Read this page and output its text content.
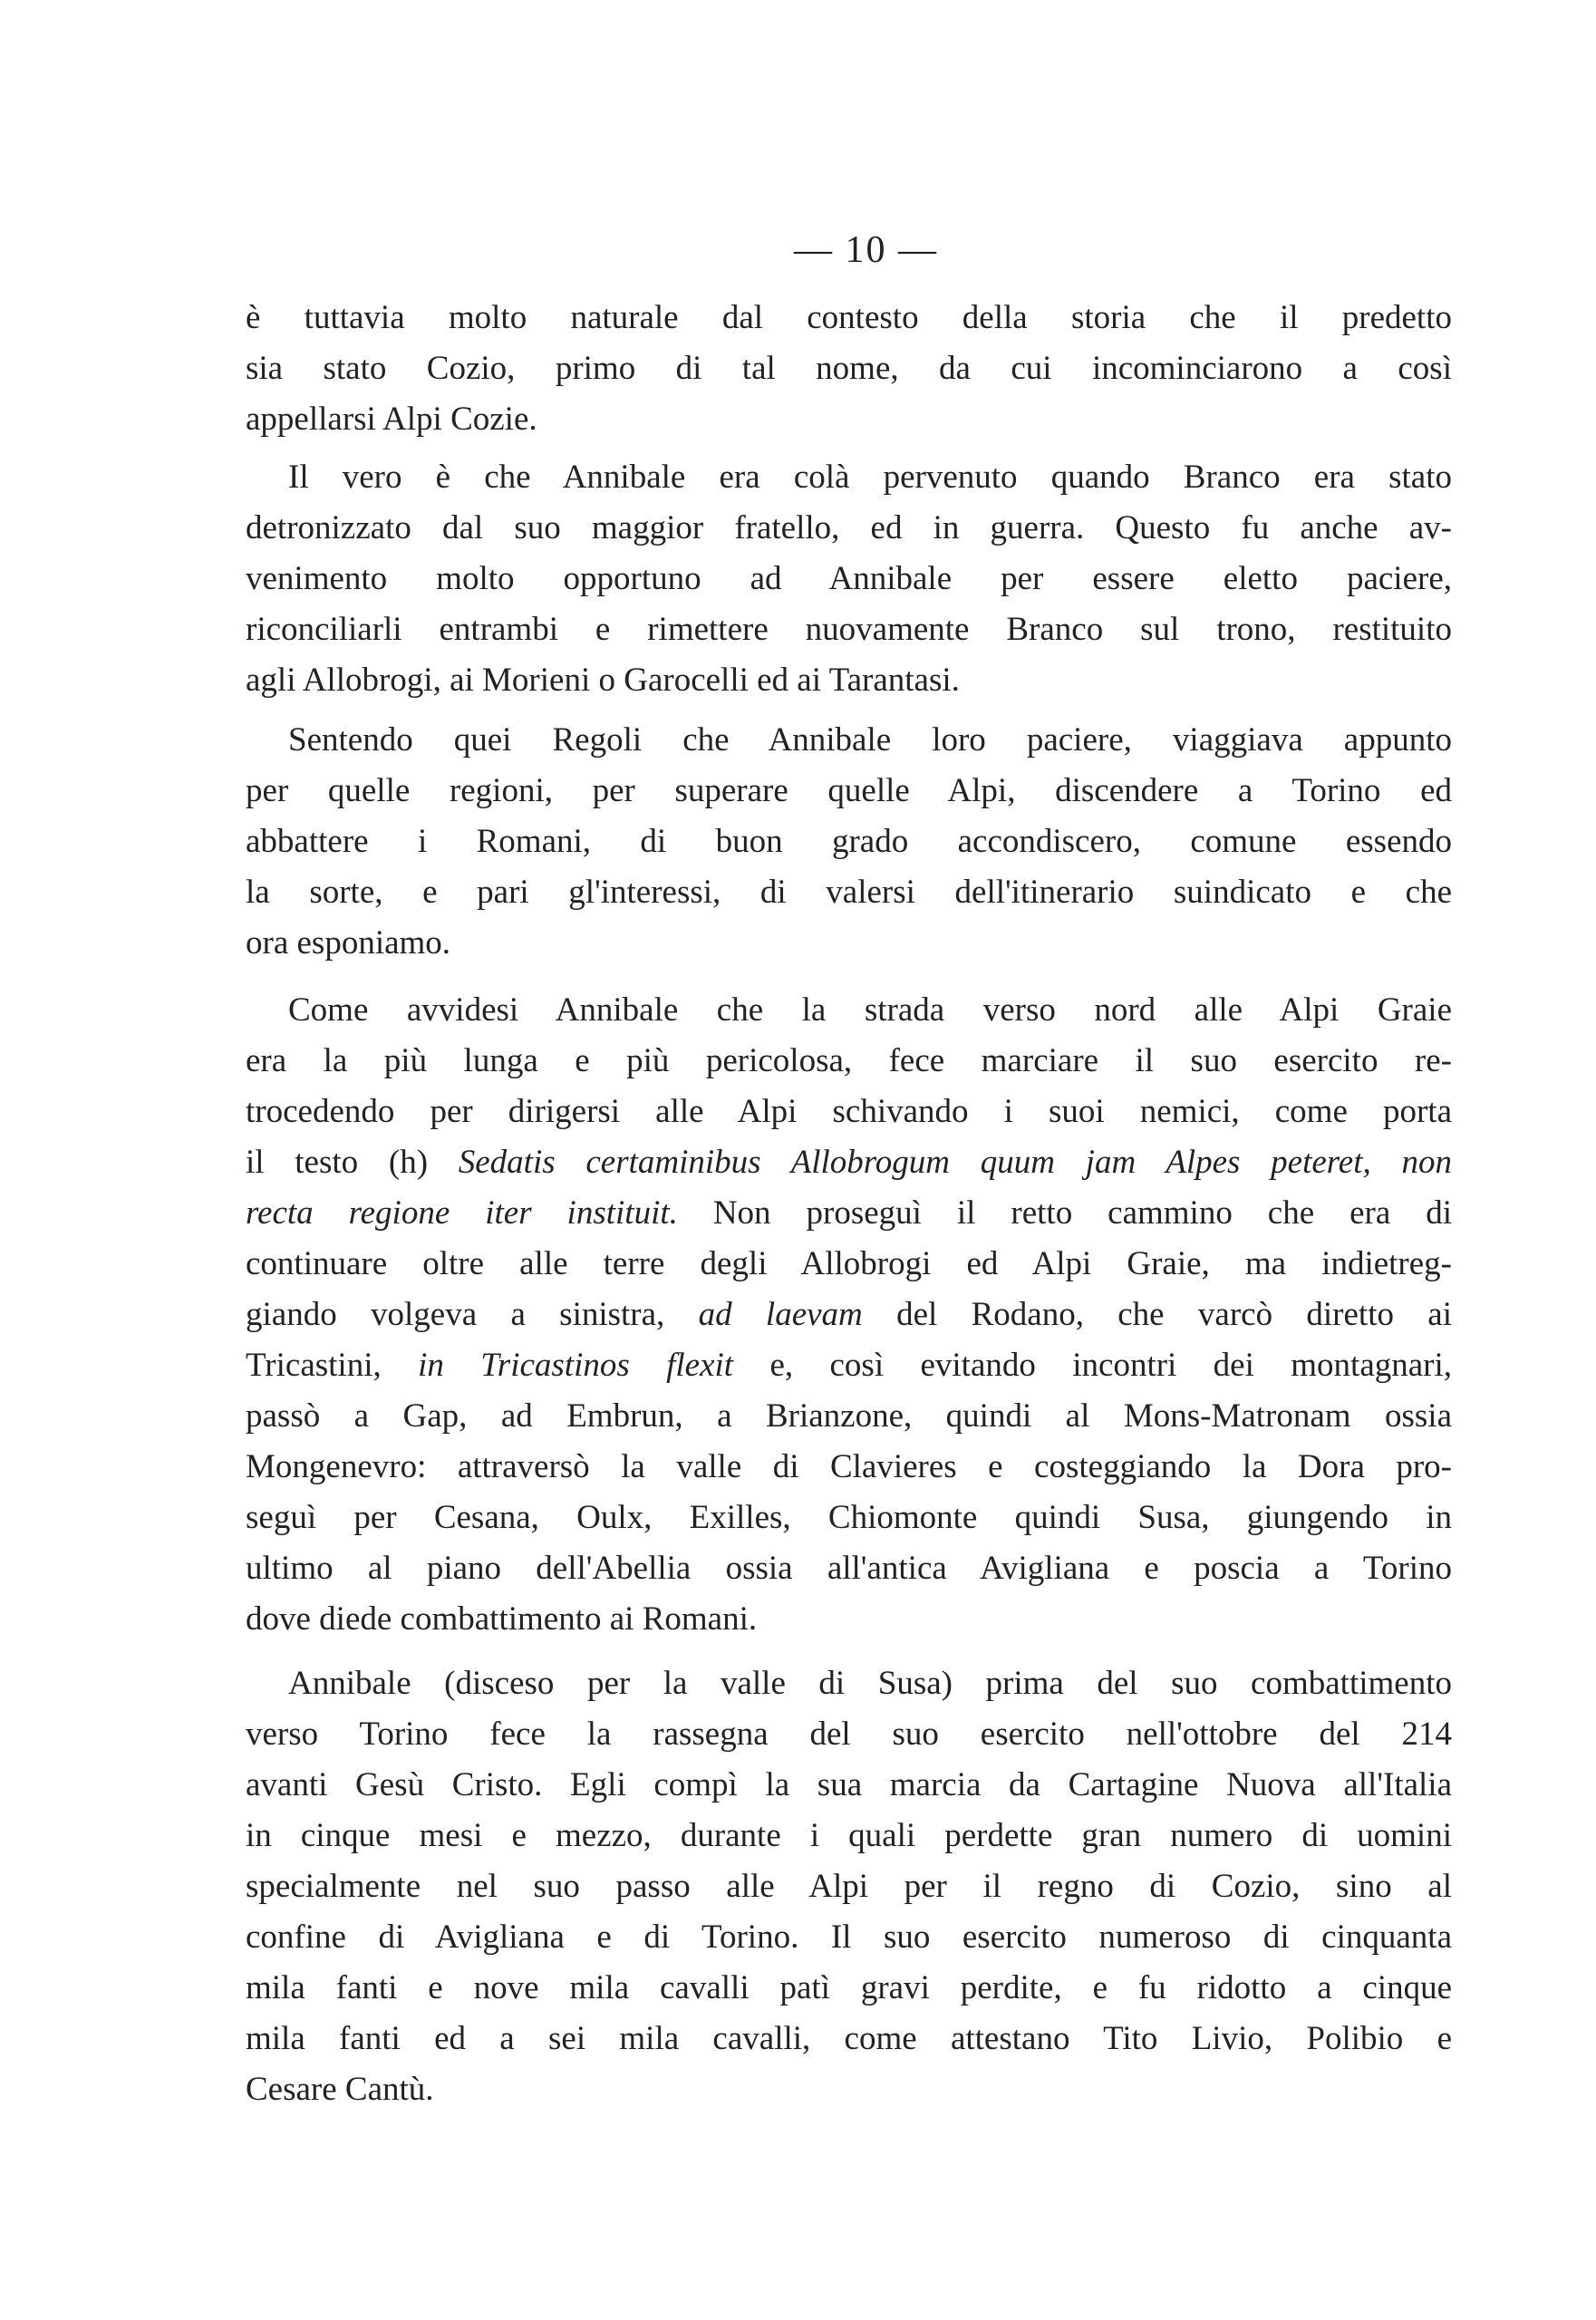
— 10 —
è tuttavia molto naturale dal contesto della storia che il predetto
sia stato Cozio, primo di tal nome, da cui incominciarono a così
appellarsi Alpi Cozie.
Il vero è che Annibale era colà pervenuto quando Branco era stato
detronizzato dal suo maggior fratello, ed in guerra. Questo fu anche av-
venimento molto opportuno ad Annibale per essere eletto paciere,
riconciliarli entrambi e rimettere nuovamente Branco sul trono, restituito
agli Allobrogi, ai Morieni o Garocelli ed ai Tarantasi.
Sentendo quei Regoli che Annibale loro paciere, viaggiava appunto
per quelle regioni, per superare quelle Alpi, discendere a Torino ed
abbattere i Romani, di buon grado accondiscero, comune essendo
la sorte, e pari gl'interessi, di valersi dell'itinerario suindicato e che
ora esponiamo.
Come avvidesi Annibale che la strada verso nord alle Alpi Graie
era la più lunga e più pericolosa, fece marciare il suo esercito re-
trocedendo per dirigersi alle Alpi schivando i suoi nemici, come porta
il testo (h) Sedatis certaminibus Allobrogum quum jam Alpes peteret, non
recta regione iter instituit. Non proseguì il retto cammino che era di
continuare oltre alle terre degli Allobrogi ed Alpi Graie, ma indietreg-
giando volgeva a sinistra, ad laevam del Rodano, che varcò diretto ai
Tricastini, in Tricastinos flexit e, così evitando incontri dei montagnari,
passò a Gap, ad Embrun, a Brianzone, quindi al Mons-Matronam ossia
Mongenevro: attraversò la valle di Clavieres e costeggiando la Dora pro-
seguì per Cesana, Oulx, Exilles, Chiomonte quindi Susa, giungendo in
ultimo al piano dell'Abellia ossia all'antica Avigliana e poscia a Torino
dove diede combattimento ai Romani.
Annibale (disceso per la valle di Susa) prima del suo combattimento
verso Torino fece la rassegna del suo esercito nell'ottobre del 214
avanti Gesù Cristo. Egli compì la sua marcia da Cartagine Nuova all'Italia
in cinque mesi e mezzo, durante i quali perdette gran numero di uomini
specialmente nel suo passo alle Alpi per il regno di Cozio, sino al
confine di Avigliana e di Torino. Il suo esercito numeroso di cinquanta
mila fanti e nove mila cavalli patì gravi perdite, e fu ridotto a cinque
mila fanti ed a sei mila cavalli, come attestano Tito Livio, Polibio e
Cesare Cantù.
